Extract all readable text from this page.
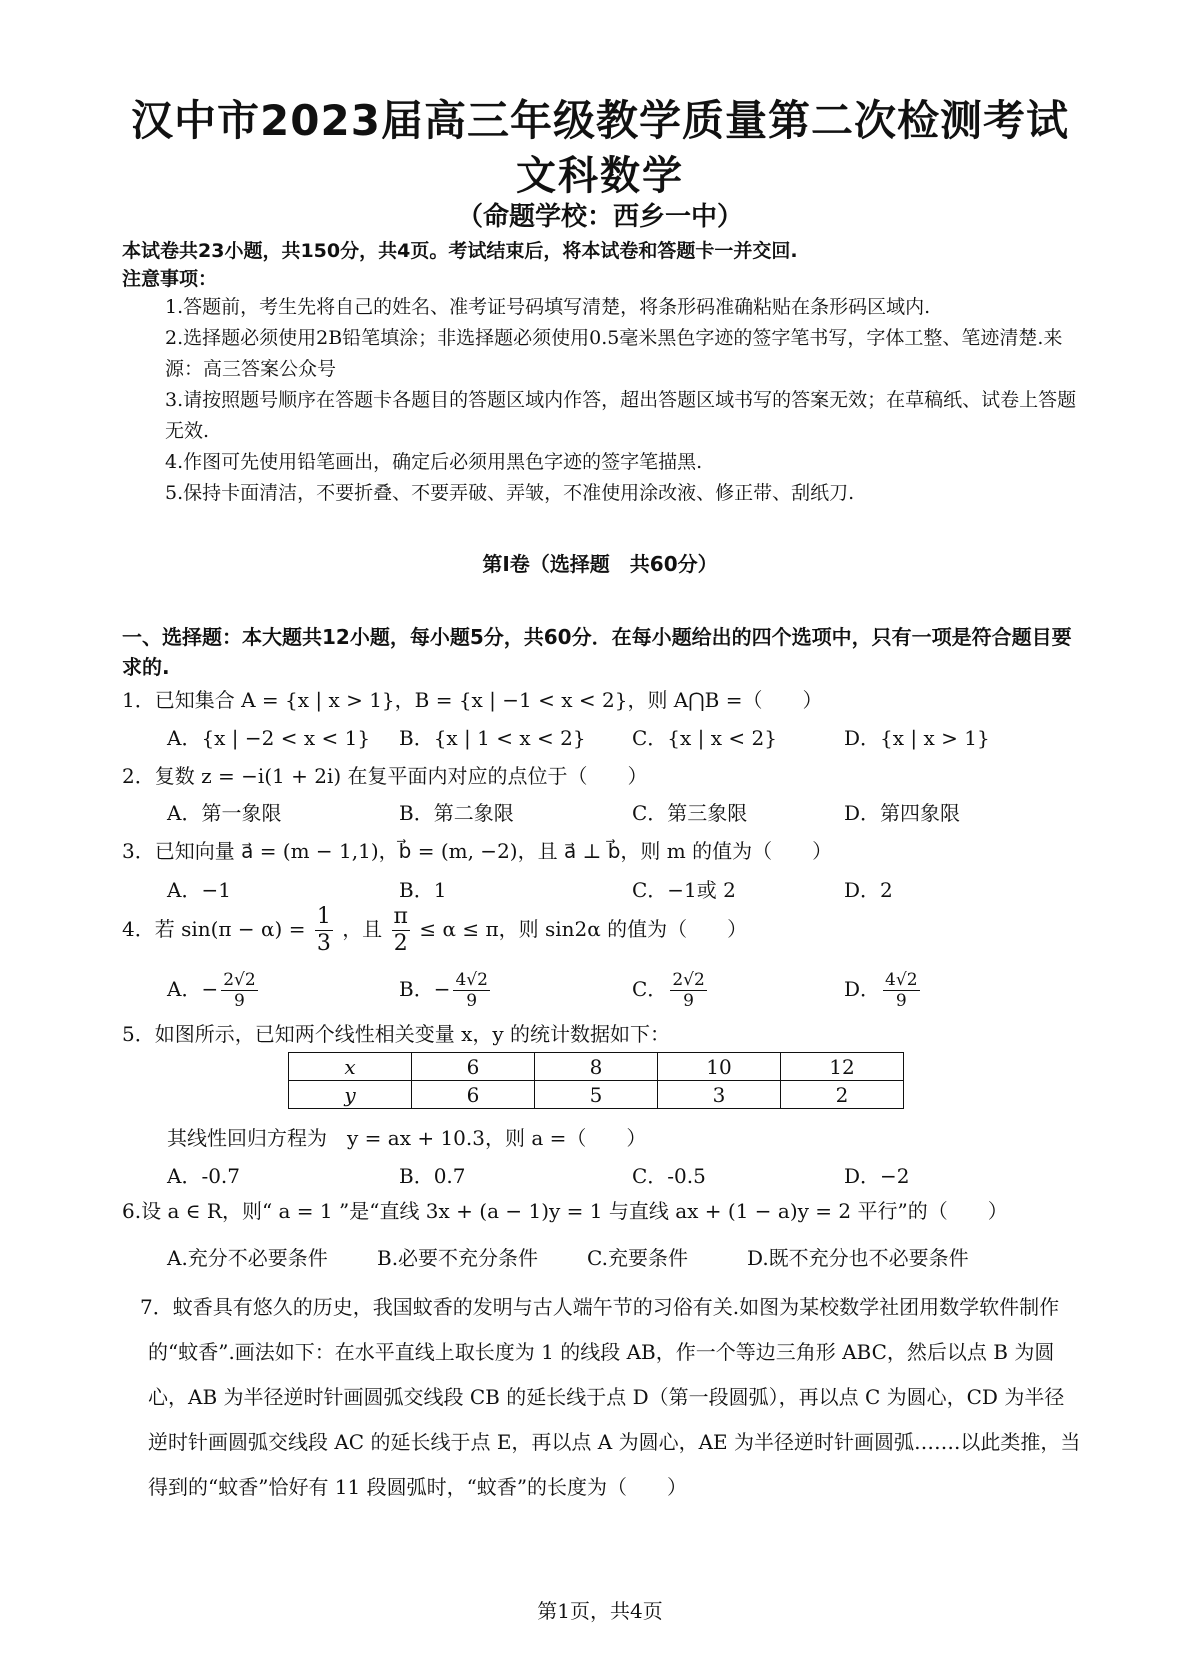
汉中市2023届高三年级教学质量第二次检测考试
文科数学
（命题学校：西乡一中）
本试卷共23小题，共150分，共4页。考试结束后，将本试卷和答题卡一并交回.
注意事项：
1.答题前，考生先将自己的姓名、准考证号码填写清楚，将条形码准确粘贴在条形码区域内.
2.选择题必须使用2B铅笔填涂；非选择题必须使用0.5毫米黑色字迹的签字笔书写，字体工整、笔迹清楚.来源：高三答案公众号
3.请按照题号顺序在答题卡各题目的答题区域内作答，超出答题区域书写的答案无效；在草稿纸、试卷上答题无效.
4.作图可先使用铅笔画出，确定后必须用黑色字迹的签字笔描黑.
5.保持卡面清洁，不要折叠、不要弄破、弄皱，不准使用涂改液、修正带、刮纸刀.
第Ⅰ卷（选择题　共60分）
一、选择题：本大题共12小题，每小题5分，共60分．在每小题给出的四个选项中，只有一项是符合题目要求的.
1．已知集合 A = {x | x > 1}，B = {x | −1 < x < 2}，则 A⋂B =（　　）
A．{x | −2 < x < 1} B．{x | 1 < x < 2} C．{x | x < 2}	D．{x | x > 1}
2．复数 z = −i(1 + 2i) 在复平面内对应的点位于（　　）
A．第一象限	B．第二象限	C．第三象限	D．第四象限
3．已知向量 a⃗ = (m − 1,1)，b⃗ = (m, −2)，且 a⃗ ⊥ b⃗，则 m 的值为（　　）
A．−1	B．1	C．−1或 2	D．2
4．若 $\sin(\pi - \alpha) = \frac{1}{3}$ ，且 $\frac{\pi}{2} \le \alpha \le \pi$，则 sin2α 的值为（　　）
A．− $\frac{2√2}{9}$	B．− $\frac{4√2}{9}$	C． $\frac{2√2}{9}$	D． $\frac{4√2}{9}$
5．如图所示，已知两个线性相关变量 x，y 的统计数据如下：
x	6	8	10	12
y	6	5	3	2
其线性回归方程为　y = ax + 10.3，则 a =（　　）
A．-0.7	B．0.7	C．-0.5	D．−2
6.设 a ∈ R，则“ a = 1 ”是“直线 3x + (a − 1)y = 1 与直线 ax + (1 − a)y = 2 平行”的（　　）
A.充分不必要条件 B.必要不充分条件 C.充要条件	D.既不充分也不必要条件
7．蚊香具有悠久的历史，我国蚊香的发明与古人端午节的习俗有关.如图为某校数学社团用数学软件制作的“蚊香”.画法如下：在水平直线上取长度为 1 的线段 AB，作一个等边三角形 ABC，然后以点 B 为圆心，AB 为半径逆时针画圆弧交线段 CB 的延长线于点 D（第一段圆弧），再以点 C 为圆心，CD 为半径逆时针画圆弧交线段 AC 的延长线于点 E，再以点 A 为圆心，AE 为半径逆时针画圆弧…….以此类推，当得到的“蚊香”恰好有 11 段圆弧时，“蚊香”的长度为（　　）
第1页，共4页
